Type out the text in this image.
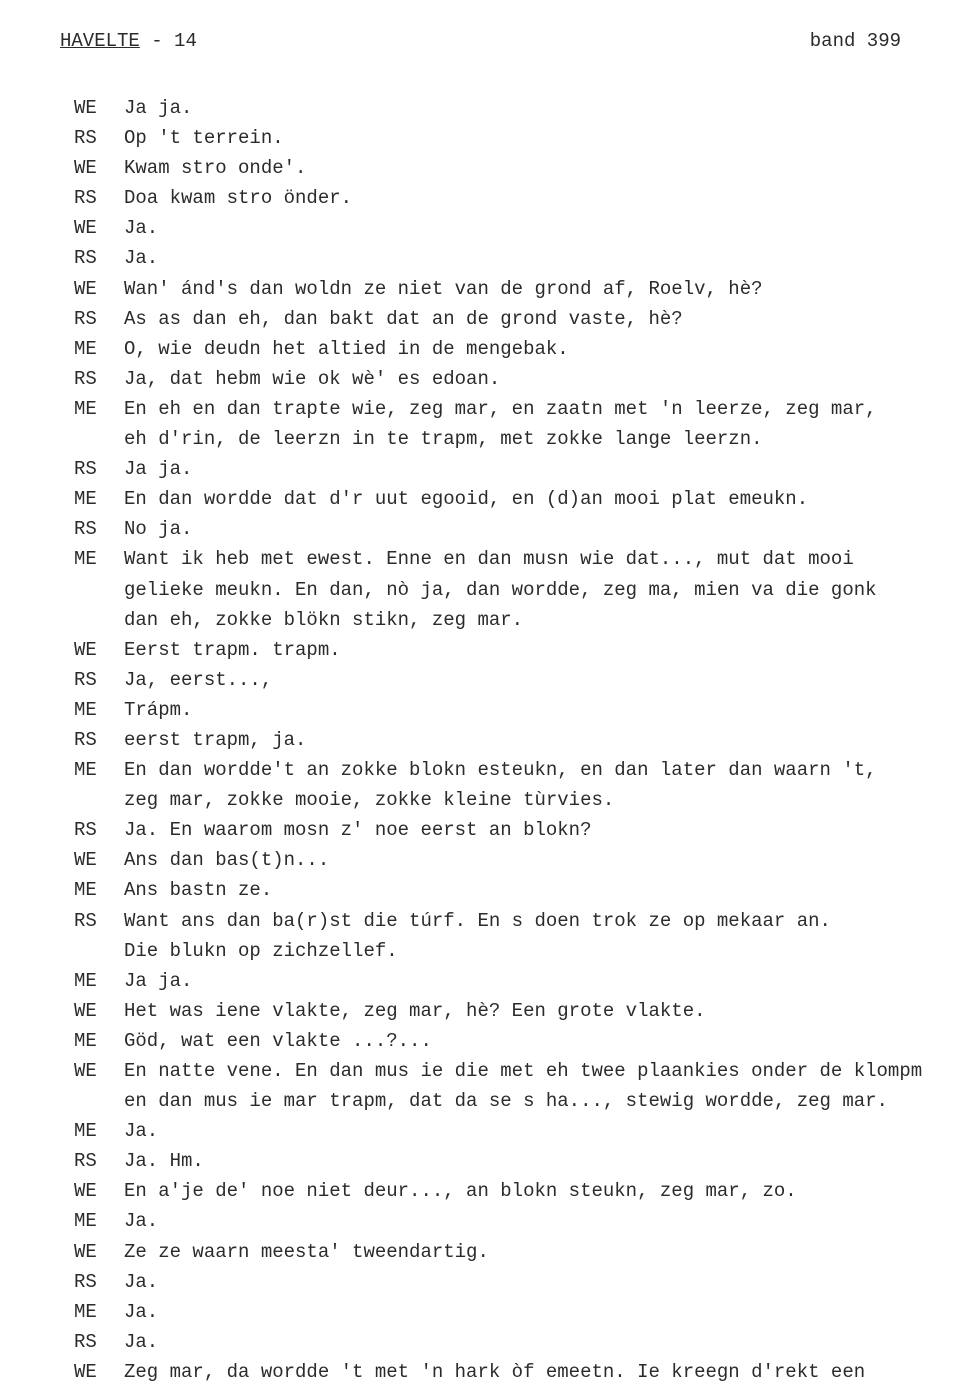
HAVELTE - 14	band 399
WE	Ja ja.
RS	Op 't terrein.
WE	Kwam stro onde'.
RS	Doa kwam stro önder.
WE	Ja.
RS	Ja.
WE	Wan' ánd's dan woldn ze niet van de grond af, Roelv, hè?
RS	As as dan eh, dan bakt dat an de grond vaste, hè?
ME	O, wie deudn het altied in de mengebak.
RS	Ja, dat hebm wie ok wè' es edoan.
ME	En eh en dan trapte wie, zeg mar, en zaatn met 'n leerze, zeg mar,
eh d'rin, de leerzn in te trapm, met zokke lange leerzn.
RS	Ja ja.
ME	En dan wordde dat d'r uut egooid, en (d)an mooi plat emeukn.
RS	No ja.
ME	Want ik heb met ewest. Enne en dan musn wie dat..., mut dat mooi
gelieke meukn. En dan, nò ja, dan wordde, zeg ma, mien va die gonk
dan eh, zokke blökn stikn, zeg mar.
WE	Eerst trapm. trapm.
RS	Ja, eerst...,
ME	Trápm.
RS	eerst trapm, ja.
ME	En dan wordde't an zokke blokn esteukn, en dan later dan waarn 't,
zeg mar, zokke mooie, zokke kleine tùrvies.
RS	Ja. En waarom mosn z' noe eerst an blokn?
WE	Ans dan bas(t)n...
ME	Ans bastn ze.
RS	Want ans dan ba(r)st die túrf. En s doen trok ze op mekaar an.
Die blukn op zichzellef.
ME	Ja ja.
WE	Het was iene vlakte, zeg mar, hè? Een grote vlakte.
ME	Göd, wat een vlakte ...?...
WE	En natte vene. En dan mus ie die met eh twee plaankies onder de klompm
en dan mus ie mar trapm, dat da se s ha..., stewig wordde, zeg mar.
ME	Ja.
RS	Ja. Hm.
WE	En a'je de' noe niet deur..., an blokn steukn, zeg mar, zo.
ME	Ja.
WE	Ze ze waarn meesta' tweendartig.
RS	Ja.
ME	Ja.
RS	Ja.
WE	Zeg mar, da wordde 't met 'n hark òf emeetn. Ie kreegn d'rekt een
